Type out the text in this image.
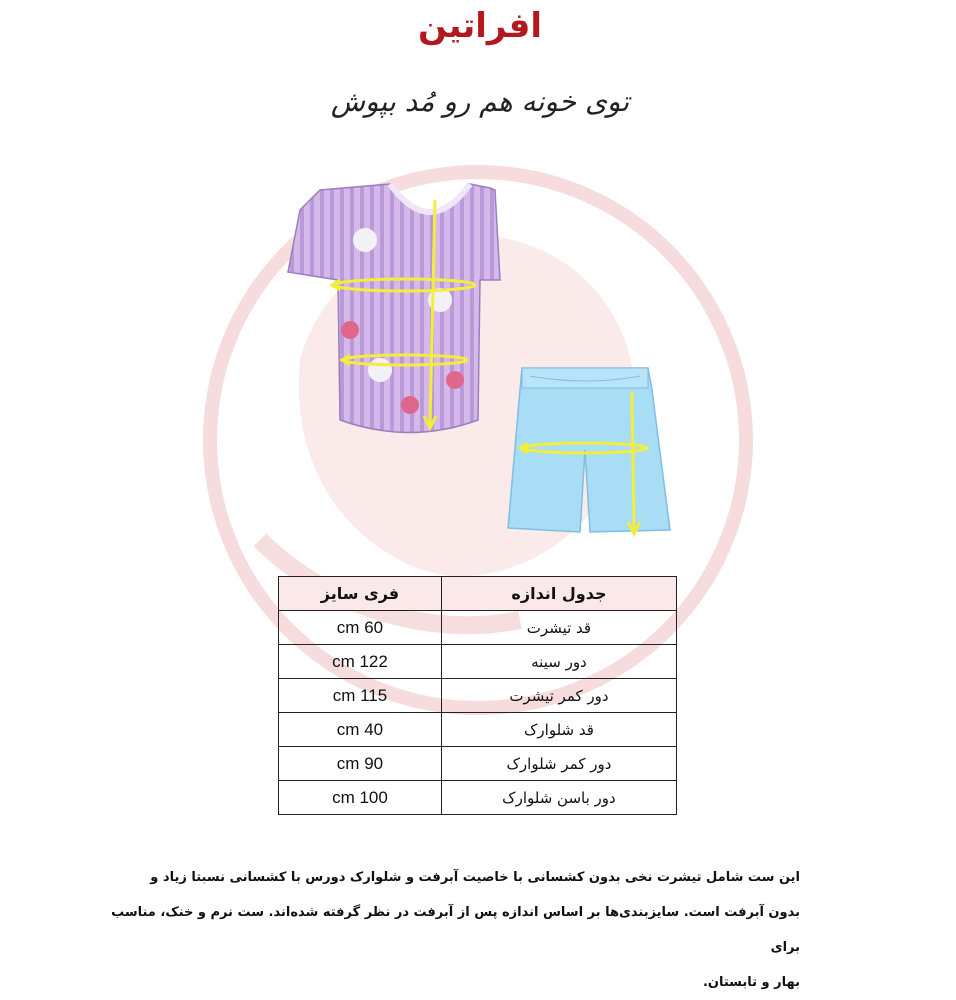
افراتین
توی خونه هم رو مُد بپوش
جدول اندازه	فری سایز
قد تیشرت	60 cm
دور سینه	122 cm
دور کمر تیشرت	115 cm
قد شلوارک	40 cm
دور کمر شلوارک	90 cm
دور باسن شلوارک	100 cm

این ست شامل تیشرت نخی بدون کشسانی با خاصیت آبرفت و شلوارک دورس با کشسانی نسبتا زیاد و

بدون آبرفت است. سایزبندی‌ها بر اساس اندازه پس از آبرفت در نظر گرفته شده‌اند. ست نرم و خنک، مناسب برای

بهار و تابستان.
